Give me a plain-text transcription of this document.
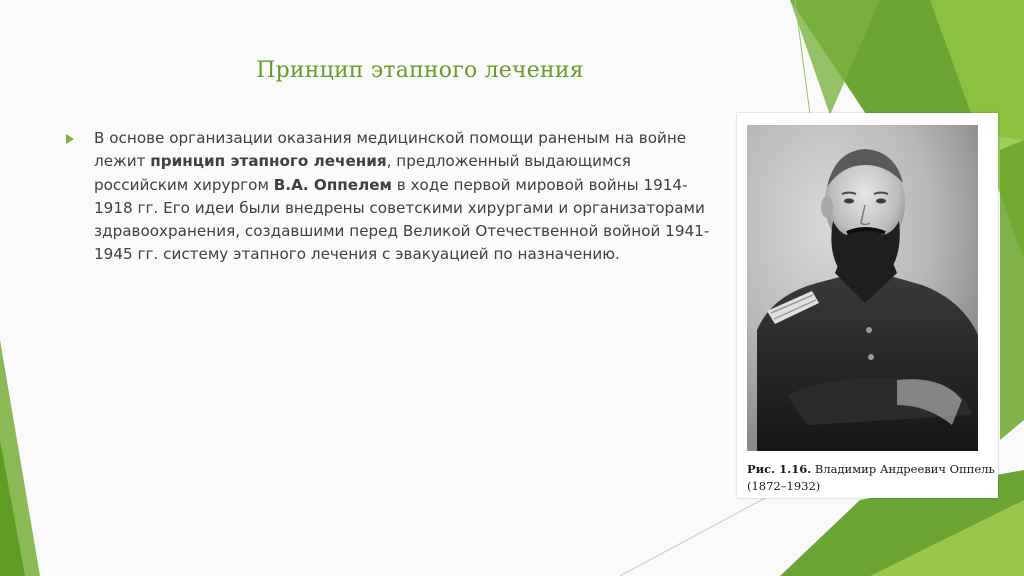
Принцип этапного лечения
В основе организации оказания медицинской помощи раненым на войне лежит принцип этапного лечения, предложенный выдающимся российским хирургом В.А. Оппелем в ходе первой мировой войны 1914-1918 гг. Его идеи были внедрены советскими хирургами и организаторами здравоохранения, создавшими перед Великой Отечественной войной 1941-1945 гг. систему этапного лечения с эвакуацией по назначению.
Рис. 1.16. Владимир Андреевич Оппель
(1872–1932)
